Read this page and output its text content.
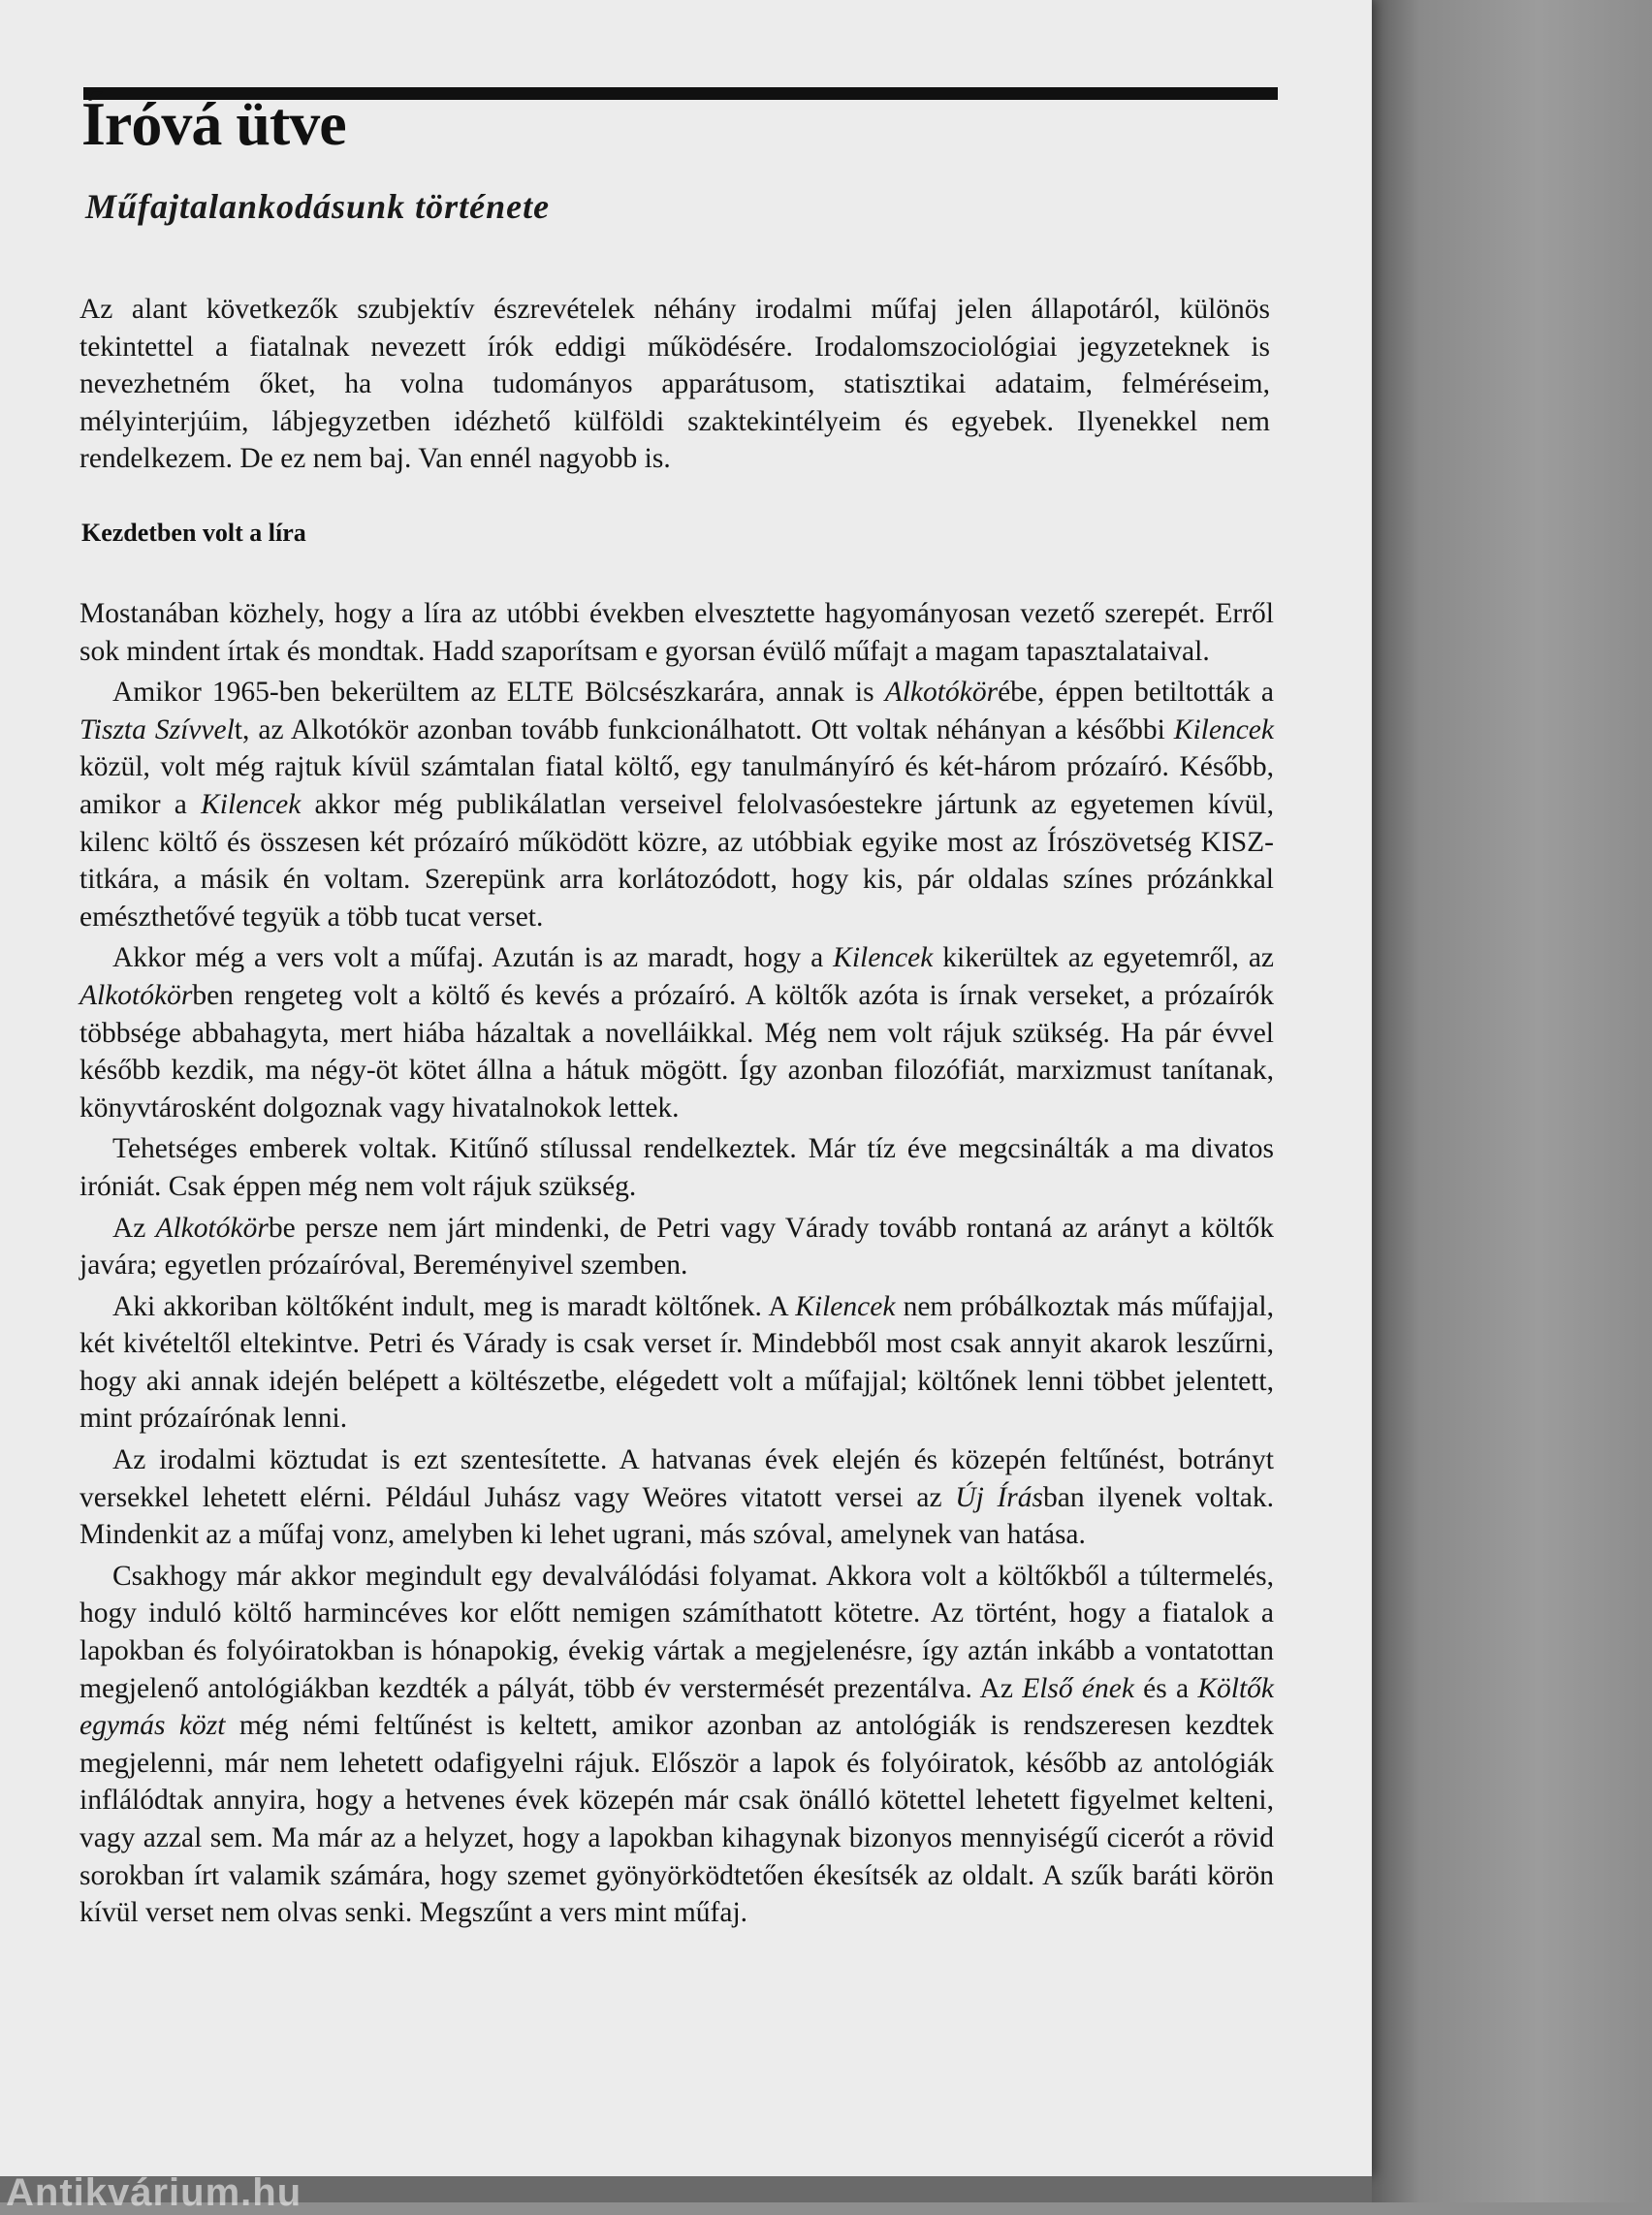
Íróvá ütve
Műfajtalankodásunk története

Az alant következők szubjektív észrevételek néhány irodalmi műfaj jelen állapotáról, különös tekintettel a fiatalnak nevezett írók eddigi működésére. Irodalomszociológiai jegyzeteknek is nevezhetném őket, ha volna tudományos apparátusom, statisztikai adataim, felméréseim, mélyinterjúim, lábjegyzetben idézhető külföldi szaktekintélyeim és egyebek. Ilyenekkel nem rendelkezem. De ez nem baj. Van ennél nagyobb is.

Kezdetben volt a líra

Mostanában közhely, hogy a líra az utóbbi években elvesztette hagyományosan vezető szerepét. Erről sok mindent írtak és mondtak. Hadd szaporítsam e gyorsan évülő műfajt a magam tapasztalataival.

Amikor 1965-ben bekerültem az ELTE Bölcsészkarára, annak is Alkotókörébe, éppen betiltották a Tiszta Szívvelt, az Alkotókör azonban tovább funkcionálhatott. Ott voltak néhányan a későbbi Kilencek közül, volt még rajtuk kívül számtalan fiatal költő, egy tanulmányíró és két-három prózaíró. Később, amikor a Kilencek akkor még publikálatlan verseivel felolvasóestekre jártunk az egyetemen kívül, kilenc költő és összesen két prózaíró működött közre, az utóbbiak egyike most az Írószövetség KISZ-titkára, a másik én voltam. Szerepünk arra korlátozódott, hogy kis, pár oldalas színes prózánkkal emészthetővé tegyük a több tucat verset.

Akkor még a vers volt a műfaj. Azután is az maradt, hogy a Kilencek kikerültek az egyetemről, az Alkotókörben rengeteg volt a költő és kevés a prózaíró. A költők azóta is írnak verseket, a prózaírók többsége abbahagyta, mert hiába házaltak a novelláikkal. Még nem volt rájuk szükség. Ha pár évvel később kezdik, ma négy-öt kötet állna a hátuk mögött. Így azonban filozófiát, marxizmust tanítanak, könyvtárosként dolgoznak vagy hivatalnokok lettek.

Tehetséges emberek voltak. Kitűnő stílussal rendelkeztek. Már tíz éve megcsinálták a ma divatos iróniát. Csak éppen még nem volt rájuk szükség.

Az Alkotókörbe persze nem járt mindenki, de Petri vagy Várady tovább rontaná az arányt a költők javára; egyetlen prózaíróval, Bereményivel szemben.

Aki akkoriban költőként indult, meg is maradt költőnek. A Kilencek nem próbálkoztak más műfajjal, két kivételtől eltekintve. Petri és Várady is csak verset ír. Mindebből most csak annyit akarok leszűrni, hogy aki annak idején belépett a költészetbe, elégedett volt a műfajjal; költőnek lenni többet jelentett, mint prózaírónak lenni.

Az irodalmi köztudat is ezt szentesítette. A hatvanas évek elején és közepén feltűnést, botrányt versekkel lehetett elérni. Például Juhász vagy Weöres vitatott versei az Új Írásban ilyenek voltak. Mindenkit az a műfaj vonz, amelyben ki lehet ugrani, más szóval, amelynek van hatása.

Csakhogy már akkor megindult egy devalválódási folyamat. Akkora volt a költőkből a túltermelés, hogy induló költő harmincéves kor előtt nemigen számíthatott kötetre. Az történt, hogy a fiatalok a lapokban és folyóiratokban is hónapokig, évekig vártak a megjelenésre, így aztán inkább a vontatottan megjelenő antológiákban kezdték a pályát, több év verstermését prezentálva. Az Első ének és a Költők egymás közt még némi feltűnést is keltett, amikor azonban az antológiák is rendszeresen kezdtek megjelenni, már nem lehetett odafigyelni rájuk. Először a lapok és folyóiratok, később az antológiák inflálódtak annyira, hogy a hetvenes évek közepén már csak önálló kötettel lehetett figyelmet kelteni, vagy azzal sem. Ma már az a helyzet, hogy a lapokban kihagynak bizonyos mennyiségű cicerót a rövid sorokban írt valamik számára, hogy szemet gyönyörködtetően ékesítsék az oldalt. A szűk baráti körön kívül verset nem olvas senki. Megszűnt a vers mint műfaj.

Antikvárium.hu
